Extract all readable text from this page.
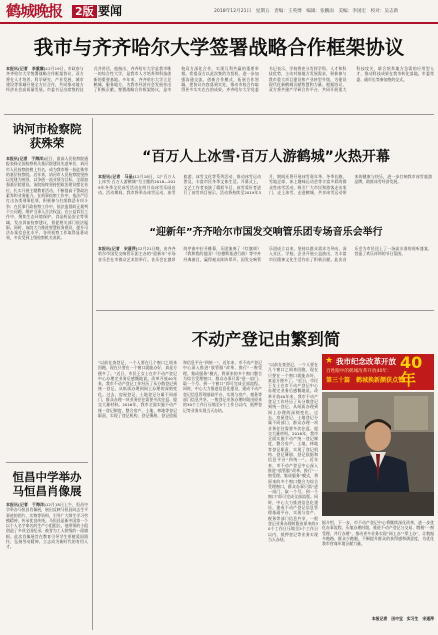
鹤城晚报 2版 要闻	2018年12月21日　星期五　责编：王英博　编辑：张鹏雨　美编：李国宏　校对：吴志新
我市与齐齐哈尔大学签署战略合作框架协议
本报讯(记者　李重霖)12月19日，市政府与齐齐哈尔大学签署战略合作框架协议，双方将在人才培养、科学研究、产业发展、城市建设等领域开展全方位合作，共同推动地方经济社会高质量发展。市委书记出席签约仪式并讲话，他指出，齐齐哈尔大学是我市唯一的综合性大学，是我市人才培养和科技创新的重要基地。多年来，齐齐哈尔大学立足鹤城、服务地方，为我市经济社会发展作出了积极贡献。签署战略合作框架协议，是市校双方深化合作、实现互利共赢的重要举措。希望双方以此次签约为契机，进一步加强沟通交流，创新合作模式，拓展合作领域，把协议内容落到实处，推动市校合作取得更多实实在在的成果。齐齐哈尔大学党委书记表示，学校将充分发挥学科、人才和科技优势，主动对接地方发展需求，积极参与我市重大项目建设和产业转型升级，为建设现代化新鹤城贡献智慧和力量。根据协议，双方将共建产学研合作平台，共同开展重大科技攻关，联合培养地方急需的应用型人才，推动科技成果在我市转化落地。市委常委、副市长等参加签约仪式。
讷河市检察院
获殊荣
本报讯(记者　于海洋)近日，最高人民检察院通报表扬全国检察机关基层院建设先进单位，讷河市人民检察院榜上有名，成为我市唯一获此殊荣的基层检察院。近年来，讷河市人民检察院坚持以党建为统领，以争创一流业绩为目标，全面加强基层院建设。该院始终坚持把政治建设摆在首位，扎实开展主题教育活动，不断提高干警政治素养和业务能力。在刑事检察工作中，依法严厉打击各类刑事犯罪，积极参与扫黑除恶专项斗争；在民事行政检察工作中，依法监督纠正裁判不公问题，维护当事人合法权益；在公益诉讼工作中，聚焦生态环境保护、食品药品安全等领域，发出诉前检察建议，督促相关部门依法履职。同时，该院大力推进智慧检务建设，提升司法办案信息化水平，各项检察工作取得显著成效，多次受到上级检察机关表彰。
恒昌中学举办
马恒昌肖像展
本报讯(记者　于海洋)12月18日上午，恒昌中学举办马恒昌肖像展，展出反映马恒昌同志生平事迹的图片、实物等资料，引导广大师生学习劳模精神，传承优良传统。马恒昌是新中国第一个以个人名字命名的生产小组组长，他带领的小组创造了多项全国纪录，被誉为工人阶级的一面旗帜。此次肖像展旨在教育引导学生厚植爱国情怀，弘扬劳动精神，立志成为新时代的有用人才。
“百万人上冰雪·百万人游鹤城”火热开幕
本报讯(记者　马晶)12月18日，以“百万人上冰雪·百万人游鹤城”为主题的2018—2019年冬季全民冰雪活动在明月岛冰雪乐园启动。活动期间，我市将举办冰雪运动、冰雪旅游、冰雪文化等系列活动，推动冰雪运动普及，丰富市民冬季文体生活。开幕式上，文艺工作者表演了精彩节目，冰雪爱好者进行了冰雪项目展示。活动将持续至2019年3月，期间还将开展冰雪嘉年华、冬季长跑、雪地足球、冰上趣味运动会等丰富多彩的群众性冰雪活动，吸引广大市民和游客走出家门、走上冰雪、走进鹤城，共享冰雪运动带来的健康与快乐，进一步打响我市冰雪旅游品牌，助推冰雪经济发展。
“迎新年”齐齐哈尔市国发交响管乐团专场音乐会举行
本报讯(记者　宋道萍)12月21日晚，由齐齐哈尔市国发交响管乐团主办的“迎新年”专场音乐会在市群众艺术馆举行。音乐会在激昂的序曲中拉开帷幕，乐团演奏了《红旗颂》《我和我的祖国》《拉德斯基进行曲》等中外经典曲目，赢得观众阵阵掌声。国发交响管乐团成立以来，坚持以群众需求为导向，深入社区、学校、企业开展公益演出，为丰富市民精神文化生活作出了积极贡献。此次音乐会为市民送上了一场高水准的视听盛宴，营造了欢乐祥和的节日氛围。
不动产登记由繁到简
“以前在查登记，一个人要在几个窗口之间来回跑，现在只要在一个窗口就能办好，真是方便多了。”近日，市民王女士在市不动产登记中心办理完业务后感慨地说。改革开放40年来，我市不动产登记工作经历了从分散登记到统一登记、从纸质办理到网上办理的深刻变化。过去，房屋登记、土地登记分属不同部门，群众办理一项业务往往需要多次往返、提交大量材料。2016年，我市全面实施不动产统一登记制度，整合房产、土地、林地等登记职责，实现了登记机构、登记簿册、登记依据和信息平台“四统一”。近年来，市不动产登记中心深入推进“放管服”改革，推行“一窗受理、集成服务”模式，将原来的多个窗口整合为综合受理窗口，群众办事只需“进一扇门、取一个号、到一个窗口”即可完成全部流程。同时，中心大力推进信息化建设，建成不动产登记信息管理基础平台，实现与房产、税务等部门信息共享，一般登记业务办理时限由原来的30个工作日压缩至5个工作日以内，抵押登记等业务实现当天办结。
“以前在查登记，一个人要在几个窗口之间来回跑，现在只要在一个窗口就能办好，真是方便多了。”近日，市民王女士在市不动产登记中心办理完业务后感慨地说。改革开放40年来，我市不动产登记工作经历了从分散登记到统一登记、从纸质办理到网上办理的深刻变化。过去，房屋登记、土地登记分属不同部门，群众办理一项业务往往需要多次往返、提交大量材料。2016年，我市全面实施不动产统一登记制度，整合房产、土地、林地等登记职责，实现了登记机构、登记簿册、登记依据和信息平台“四统一”。近年来，市不动产登记中心深入推进“放管服”改革，推行“一窗受理、集成服务”模式，将原来的多个窗口整合为综合受理窗口，群众办事只需“进一扇门、取一个号、到一个窗口”即可完成全部流程。同时，中心大力推进信息化建设，建成不动产登记信息管理基础平台，实现与房产、税务等部门信息共享，一般登记业务办理时限由原来的30个工作日压缩至5个工作日以内，抵押登记等业务实现当天办结。
★ 我市纪念改革开放 40年
百姓眼中的鹤城改革开放40年：
第三十篇　鹤城换新颜获点赞
据介绍，下一步，市不动产登记中心将继续深化改革，进一步优化办事流程，压缩办理时限，推进不动产登记与交易、缴税“一窗受理、并行办理”，推动更多业务实现“网上办”“掌上办”，让数据多跑路、群众少跑腿，不断提升群众的获得感和满意度，为优化我市营商环境贡献力量。
本报记者　田中宝　实习生　宋道萍
